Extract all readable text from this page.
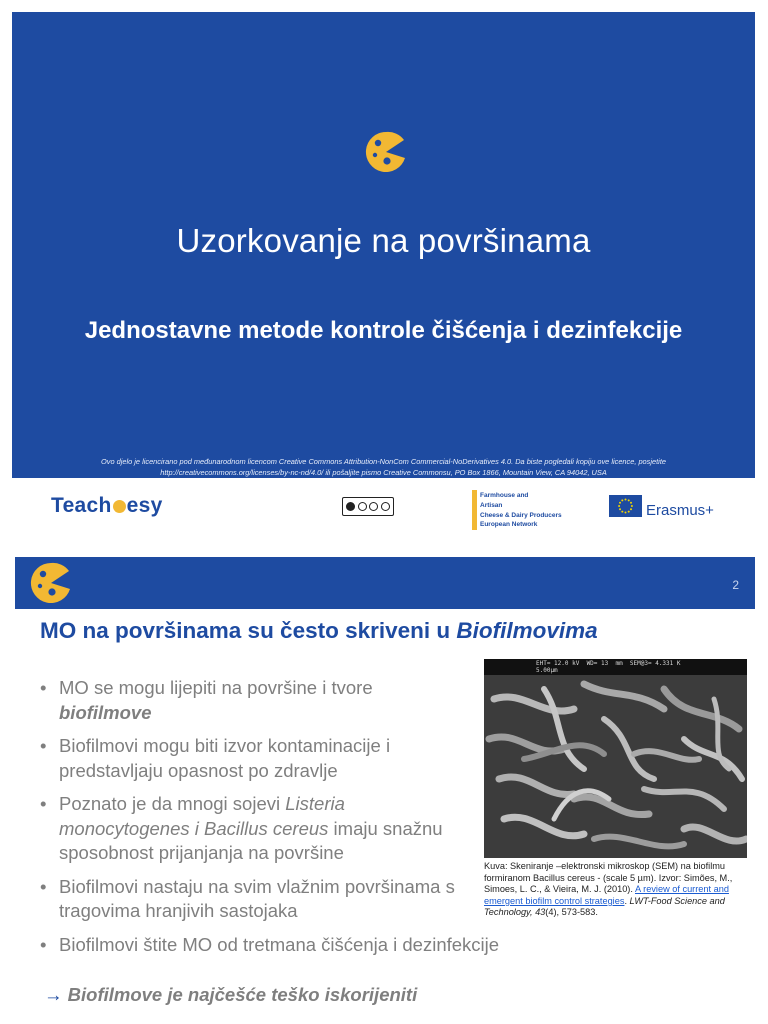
Uzorkovanje na površinama
Jednostavne metode kontrole čišćenja i dezinfekcije

Ovo djelo je licencirano pod međunarodnom licencom Creative Commons Attribution-NonCom Commercial-NoDerivatives 4.0. Da biste pogledali kopiju ove licence, posjetite http://creativecommons.org/licenses/by-nc-nd/4.0/ ili pošaljite pismo Creative Commonsu, PO Box 1866, Mountain View, CA 94042, USA

Teach esy	Farmhouse and
Artisan
Cheese & Dairy Producers
European Network
Erasmus+
2
MO na površinama su često skriveni u Biofilmovima

• MO se mogu lijepiti na površine i tvore
biofilmove

• Biofilmovi mogu biti izvor kontaminacije i predstavljaju opasnost po zdravlje

• Poznato je da mnogi sojevi Listeria monocytogenes i Bacillus cereus imaju snažnu sposobnost prijanjanja na površine

• Biofilmovi nastaju na svim vlažnim površinama s tragovima hranjivih sastojaka

• Biofilmovi štite MO od tretmana čišćenja i dezinfekcije

→ Biofilmove je najčešće teško iskorijeniti
EHT= 12.0 kV  WD= 13  mm  SEM@3= 4.331 K
5.00μm

Kuva: Skeniranje –elektronski mikroskop (SEM) na biofilmu formiranom Bacillus cereus - (scale 5 µm). Izvor: Simões, M., Simoes, L. C., & Vieira, M. J. (2010). A review of current and emergent biofilm control strategies. LWT-Food Science and Technology, 43(4), 573-583.
